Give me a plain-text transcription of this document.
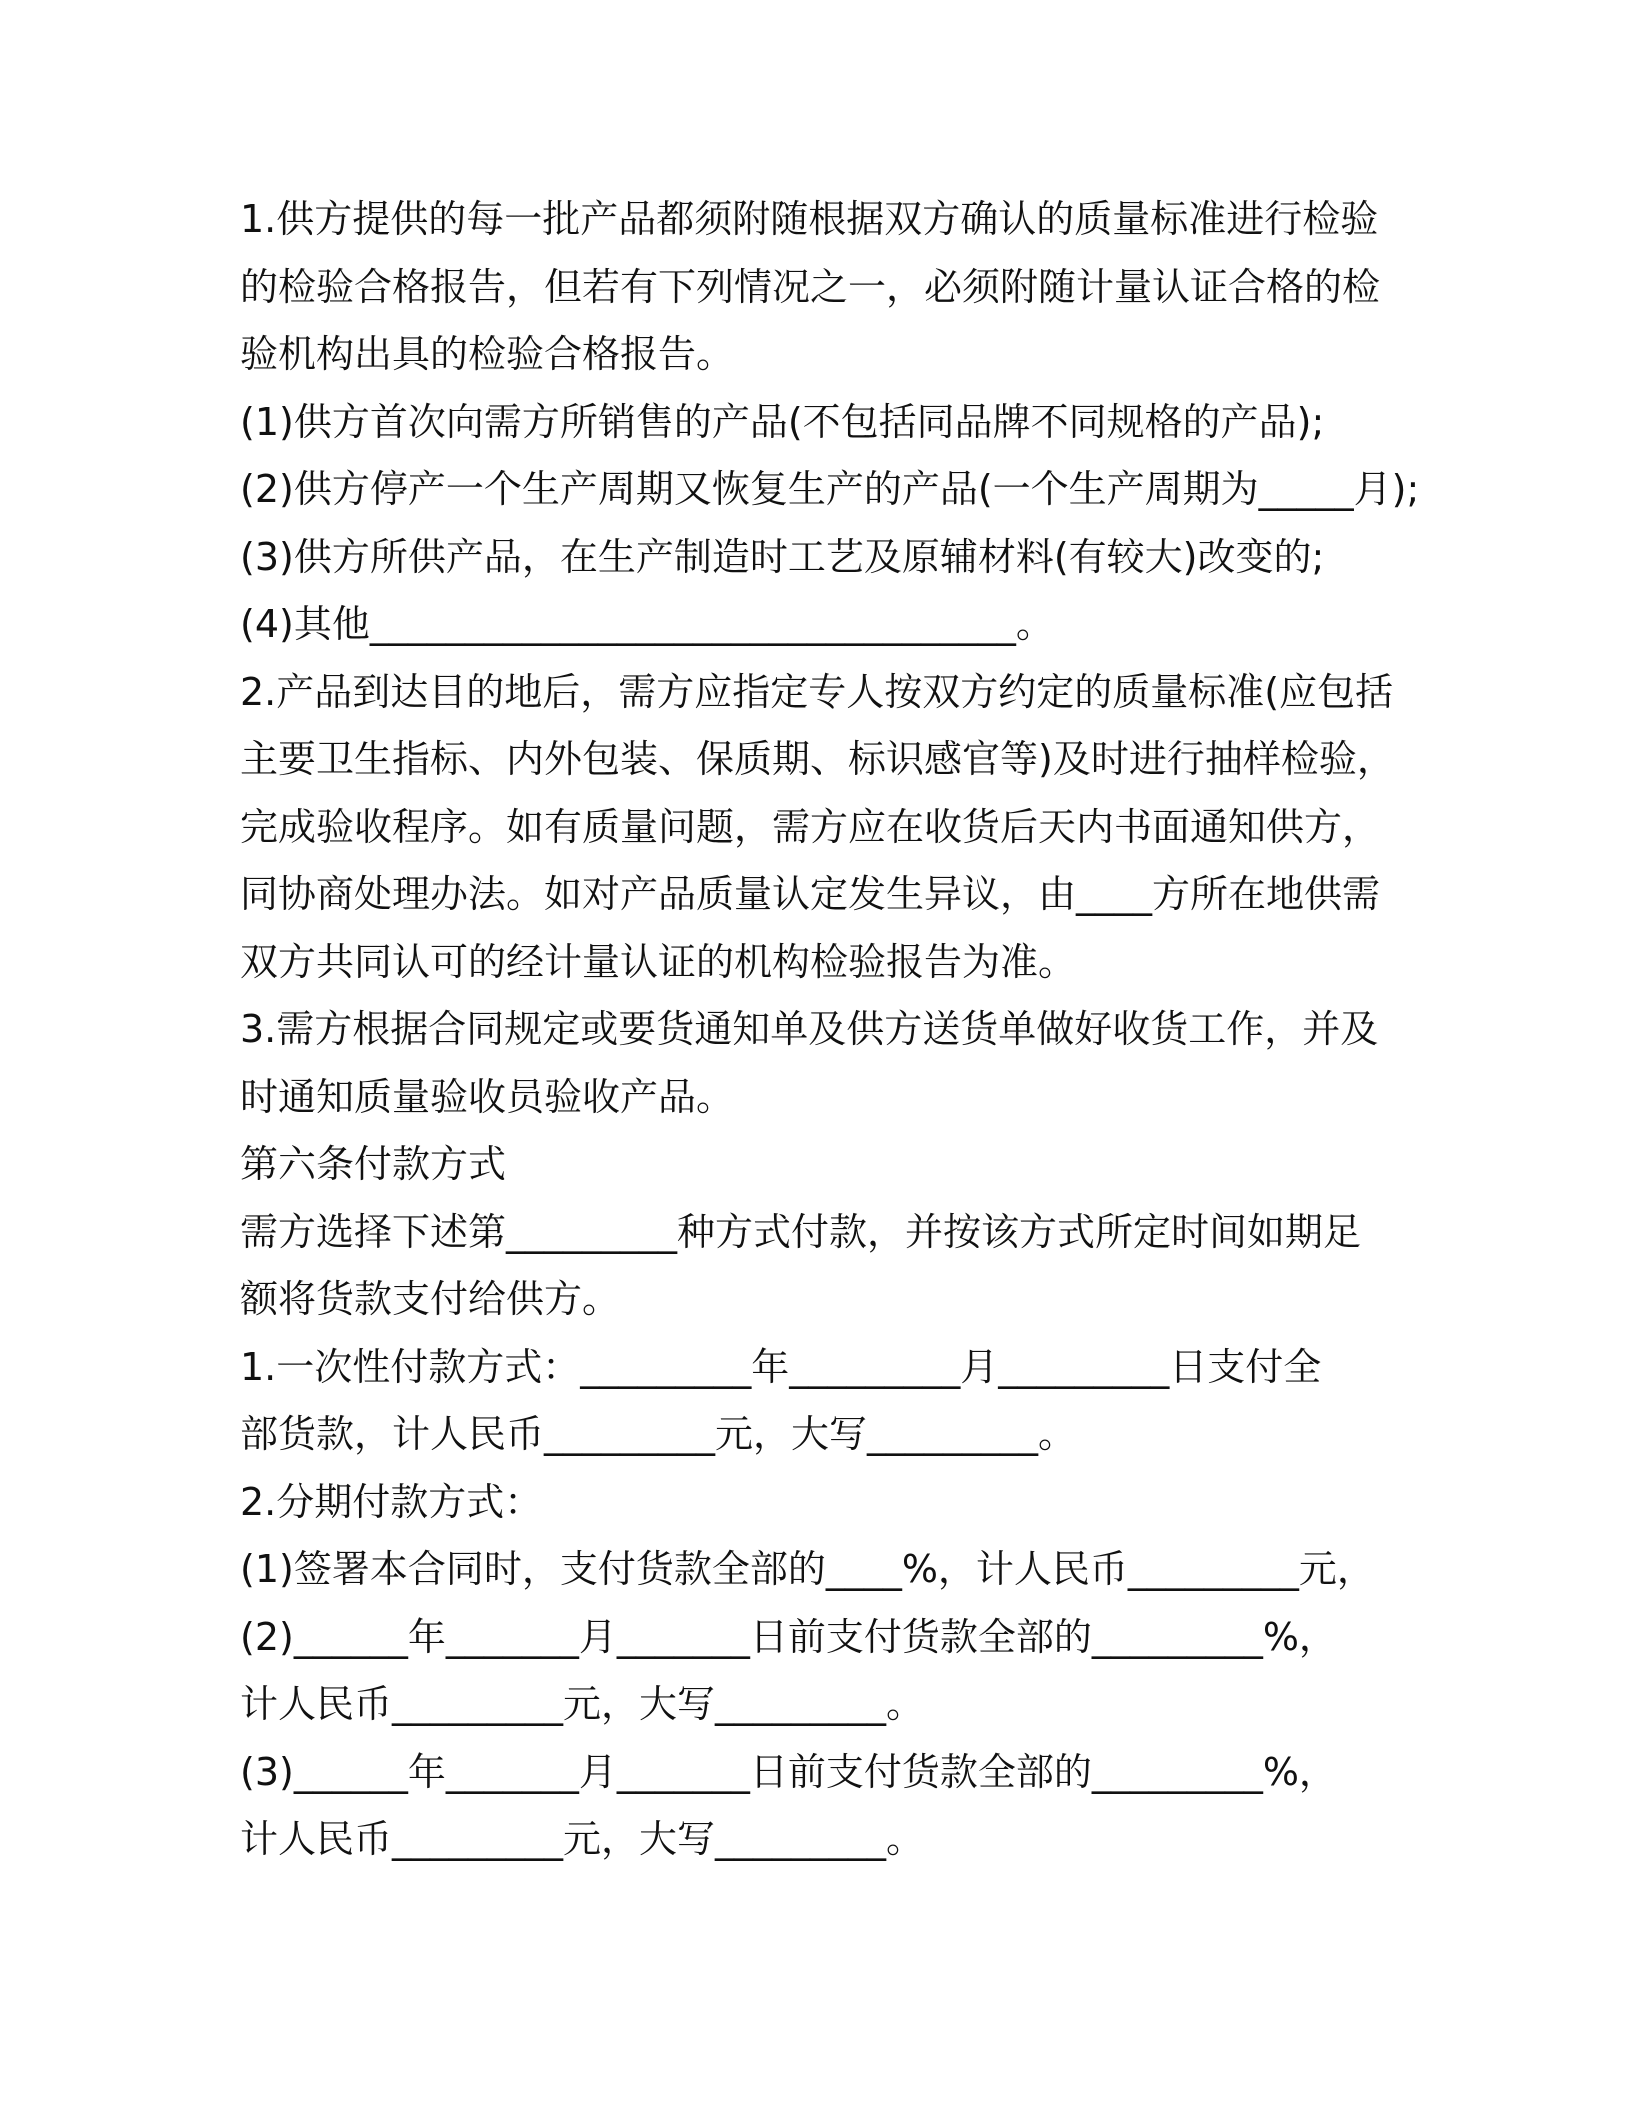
1.供方提供的每一批产品都须附随根据双方确认的质量标准进行检验
的检验合格报告，但若有下列情况之一，必须附随计量认证合格的检
验机构出具的检验合格报告。
(1)供方首次向需方所销售的产品(不包括同品牌不同规格的产品);
(2)供方停产一个生产周期又恢复生产的产品(一个生产周期为_____月);
(3)供方所供产品，在生产制造时工艺及原辅材料(有较大)改变的;
(4)其他__________________________________。
2.产品到达目的地后，需方应指定专人按双方约定的质量标准(应包括
主要卫生指标、内外包装、保质期、标识感官等)及时进行抽样检验，
完成验收程序。如有质量问题，需方应在收货后天内书面通知供方，
同协商处理办法。如对产品质量认定发生异议，由____方所在地供需
双方共同认可的经计量认证的机构检验报告为准。
3.需方根据合同规定或要货通知单及供方送货单做好收货工作，并及
时通知质量验收员验收产品。
第六条付款方式
需方选择下述第_________种方式付款，并按该方式所定时间如期足
额将货款支付给供方。
1.一次性付款方式：_________年_________月_________日支付全
部货款，计人民币_________元，大写_________。
2.分期付款方式：
(1)签署本合同时，支付货款全部的____%，计人民币_________元，
(2)______年_______月_______日前支付货款全部的_________%，
计人民币_________元，大写_________。
(3)______年_______月_______日前支付货款全部的_________%，
计人民币_________元，大写_________。
